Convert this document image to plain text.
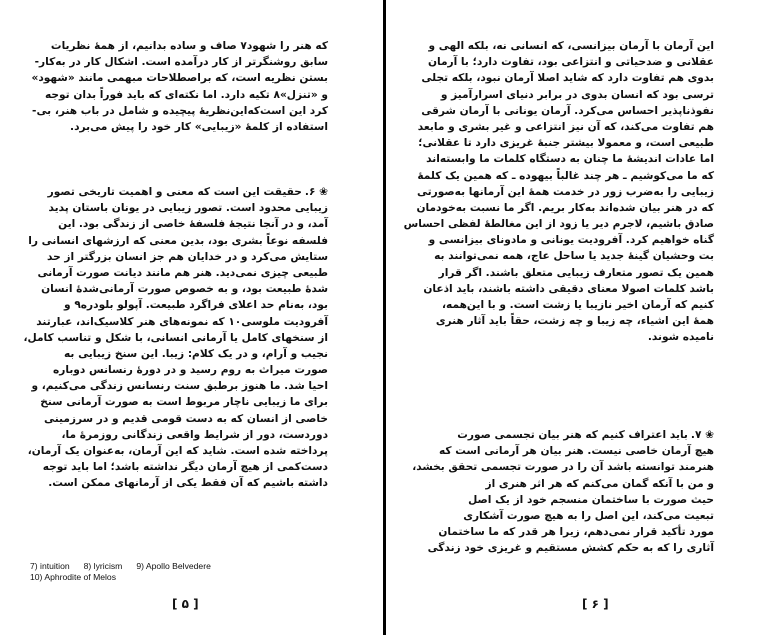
که هنر را شهود۷ صاف و ساده بدانیم، از همهٔ نظریات
سابق روشنگرتر از کار درآمده است. اشکال کار در به‌کار-
بستن نظریه است، که براصطلاحات مبهمی مانند «شهود»
و «تنزل»۸ تکیه دارد. اما نکته‌ای که باید فوراً بدان توجه
کرد این است‌که‌این‌نظریهٔ پیچیده و شامل در باب هنر، بی-
استفاده از کلمهٔ «زیبایی» کار خود را پیش می‌برد.
❀ ۶.حقیقت این است که معنی و اهمیت تاریخی تصور
زیبایی محدود است. تصور زیبایی در یونان باستان پدید
آمد، و در آنجا نتیجهٔ فلسفهٔ خاصی از زندگی بود. این
فلسفه نوعاً بشری بود، بدین معنی که ارزشهای انسانی را
ستایش می‌کرد و در خدایان هم جز انسان بزرگتر از حد
طبیعی چیزی نمی‌دید. هنر هم مانند دیانت صورت آرمانی
شدهٔ طبیعت بود، و به خصوص صورت آرمانی‌شدهٔ انسان
بود، به‌نام حد اعلای فراگرد طبیعت. آپولو بلودره۹ و
آفرودیت ملوسی۱۰ که نمونه‌های هنر کلاسیک‌اند، عبارتند
از سنخهای کامل یا آرمانی انسانی، با شکل و تناسب کامل،
نجیب و آرام، و در یک کلام: زیبا. این سنخ زیبایی به
صورت میراث به روم رسید و در دورهٔ رنسانس دوباره
احیا شد. ما هنوز برطبق سنت رنسانس زندگی می‌کنیم، و
برای ما زیبایی ناچار مربوط است به صورت آرمانی سنخ
خاصی از انسان که به دست قومی قدیم و در سرزمینی
دوردست، دور از شرایط واقعی زندگانی روزمرهٔ ما،
پرداخته شده است. شاید که این آرمان، به‌عنوان یک آرمان،
دست‌کمی از هیچ آرمان دیگر نداشته باشد؛ اما باید توجه
داشته باشیم که آن فقط یکی از آرمانهای ممکن است.
7) intuition 8) lyricism 9) Apollo Belvedere
10) Aphrodite of Melos
[ ۵ ]
این آرمان با آرمان بیزانسی، که انسانی نه، بلکه الهی و
عقلانی و ضدحیاتی و انتزاعی بود، تفاوت دارد؛ با آرمان
بدوی هم تفاوت دارد که شاید اصلا آرمان نبود، بلکه تجلی
ترسی بود که انسان بدوی در برابر دنیای اسرارآمیز و
نفوذناپذیر احساس می‌کرد. آرمان یونانی با آرمان شرقی
هم تفاوت می‌کند، که آن نیز انتزاعی و غیر بشری و مابعد
طبیعی است، و معمولا بیشتر جنبهٔ غریزی دارد تا عقلانی؛
اما عادات اندیشهٔ ما چنان به دستگاه کلمات ما وابسته‌اند
که ما می‌کوشیم ـ هر چند غالباً بیهوده ـ که همین یک کلمهٔ
زیبایی را به‌ضرب زور در خدمت همهٔ این آرمانها به‌صورتی
که در هنر بیان شده‌اند به‌کار بریم. اگر ما نسبت به‌خودمان
صادق باشیم، لاجرم دیر یا زود از این مغالطهٔ لفظی احساس
گناه خواهیم کرد. آفرودیت یونانی و مادونای بیزانسی و
بت وحشیان گینهٔ جدید یا ساحل عاج، همه نمی‌توانند به
همین یک تصور متعارف زیبایی متعلق باشند. اگر قرار
باشد کلمات اصولا معنای دقیقی داشته باشند، باید اذعان
کنیم که آرمان اخیر نازیبا یا زشت است. و با این‌همه،
همهٔ این اشیاء، چه زیبا و چه زشت، حقاً باید آثار هنری
نامیده شوند.
❀ ۷.باید اعتراف کنیم که هنر بیان تجسمی صورت
هیچ آرمان خاصی نیست. هنر بیان هر آرمانی است که
هنرمند توانسته باشد آن را در صورت تجسمی تحقق بخشد،
و من با آنکه گمان می‌کنم که هر اثر هنری از
حیث صورت با ساختمان منسجم خود از یک اصل
تبعیت می‌کند، این اصل را به هیچ صورت آشکاری
مورد تأکید قرار نمی‌دهم، زیرا هر قدر که ما ساختمان
آثاری را که به حکم کشش مستقیم و غریزی خود زندگی
[ ۶ ]
